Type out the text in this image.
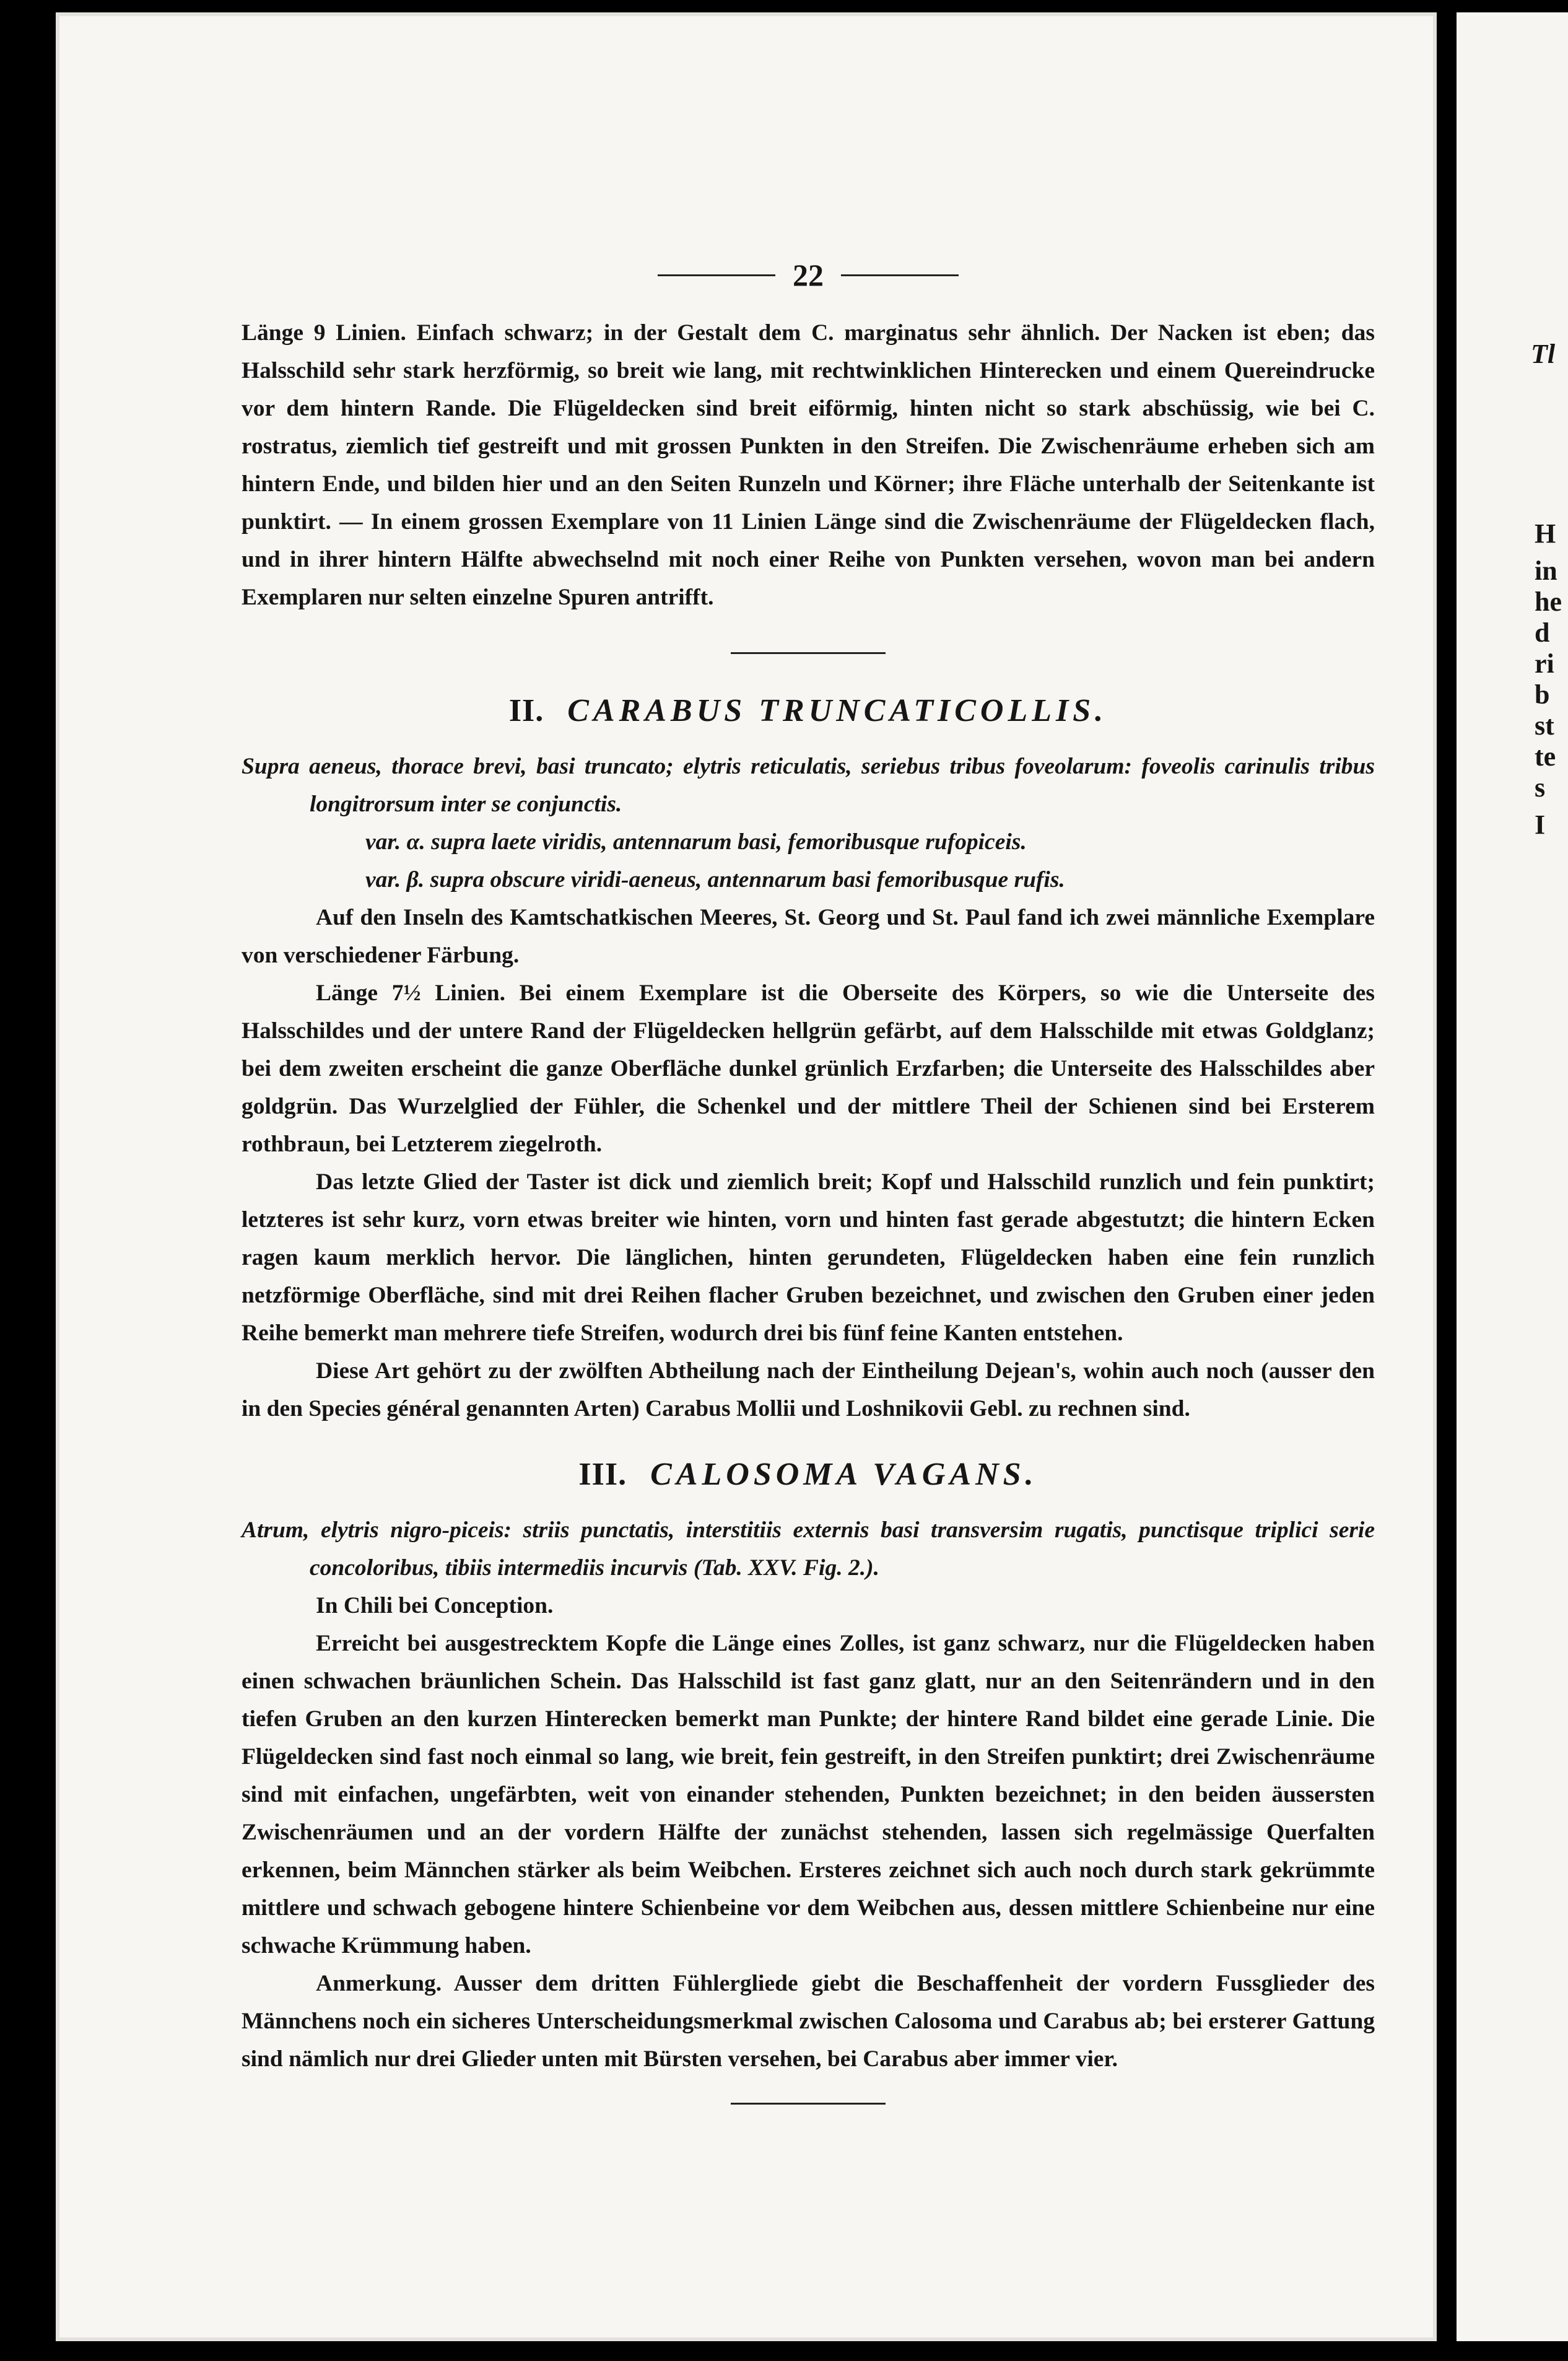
22

Länge 9 Linien. Einfach schwarz; in der Gestalt dem C. marginatus sehr ähnlich. Der Nacken ist eben; das Halsschild sehr stark herzförmig, so breit wie lang, mit rechtwinklichen Hinterecken und einem Quereindrucke vor dem hintern Rande. Die Flügeldecken sind breit eiförmig, hinten nicht so stark abschüssig, wie bei C. rostratus, ziemlich tief gestreift und mit grossen Punkten in den Streifen. Die Zwischenräume erheben sich am hintern Ende, und bilden hier und an den Seiten Runzeln und Körner; ihre Fläche unterhalb der Seitenkante ist punktirt. — In einem grossen Exemplare von 11 Linien Länge sind die Zwischenräume der Flügeldecken flach, und in ihrer hintern Hälfte abwechselnd mit noch einer Reihe von Punkten versehen, wovon man bei andern Exemplaren nur selten einzelne Spuren antrifft.

II. CARABUS TRUNCATICOLLIS.

Supra aeneus, thorace brevi, basi truncato; elytris reticulatis, seriebus tribus foveolarum: foveolis carinulis tribus longitrorsum inter se conjunctis.

var. α. supra laete viridis, antennarum basi, femoribusque rufopiceis.

var. β. supra obscure viridi-aeneus, antennarum basi femoribusque rufis.

Auf den Inseln des Kamtschatkischen Meeres, St. Georg und St. Paul fand ich zwei männliche Exemplare von verschiedener Färbung.

Länge 7½ Linien. Bei einem Exemplare ist die Oberseite des Körpers, so wie die Unterseite des Halsschildes und der untere Rand der Flügeldecken hellgrün gefärbt, auf dem Halsschilde mit etwas Goldglanz; bei dem zweiten erscheint die ganze Oberfläche dunkel grünlich Erzfarben; die Unterseite des Halsschildes aber goldgrün. Das Wurzelglied der Fühler, die Schenkel und der mittlere Theil der Schienen sind bei Ersterem rothbraun, bei Letzterem ziegelroth.

Das letzte Glied der Taster ist dick und ziemlich breit; Kopf und Halsschild runzlich und fein punktirt; letzteres ist sehr kurz, vorn etwas breiter wie hinten, vorn und hinten fast gerade abgestutzt; die hintern Ecken ragen kaum merklich hervor. Die länglichen, hinten gerundeten, Flügeldecken haben eine fein runzlich netzförmige Oberfläche, sind mit drei Reihen flacher Gruben bezeichnet, und zwischen den Gruben einer jeden Reihe bemerkt man mehrere tiefe Streifen, wodurch drei bis fünf feine Kanten entstehen.

Diese Art gehört zu der zwölften Abtheilung nach der Eintheilung Dejean's, wohin auch noch (ausser den in den Species général genannten Arten) Carabus Mollii und Loshnikovii Gebl. zu rechnen sind.

III. CALOSOMA VAGANS.

Atrum, elytris nigro-piceis: striis punctatis, interstitiis externis basi transversim rugatis, punctisque triplici serie concoloribus, tibiis intermediis incurvis (Tab. XXV. Fig. 2.).

In Chili bei Conception.

Erreicht bei ausgestrecktem Kopfe die Länge eines Zolles, ist ganz schwarz, nur die Flügeldecken haben einen schwachen bräunlichen Schein. Das Halsschild ist fast ganz glatt, nur an den Seitenrändern und in den tiefen Gruben an den kurzen Hinterecken bemerkt man Punkte; der hintere Rand bildet eine gerade Linie. Die Flügeldecken sind fast noch einmal so lang, wie breit, fein gestreift, in den Streifen punktirt; drei Zwischenräume sind mit einfachen, ungefärbten, weit von einander stehenden, Punkten bezeichnet; in den beiden äussersten Zwischenräumen und an der vordern Hälfte der zunächst stehenden, lassen sich regelmässige Querfalten erkennen, beim Männchen stärker als beim Weibchen. Ersteres zeichnet sich auch noch durch stark gekrümmte mittlere und schwach gebogene hintere Schienbeine vor dem Weibchen aus, dessen mittlere Schienbeine nur eine schwache Krümmung haben.

Anmerkung. Ausser dem dritten Fühlergliede giebt die Beschaffenheit der vordern Fussglieder des Männchens noch ein sicheres Unterscheidungsmerkmal zwischen Calosoma und Carabus ab; bei ersterer Gattung sind nämlich nur drei Glieder unten mit Bürsten versehen, bei Carabus aber immer vier.

Tl
H
in
he
d
ri
b
st
te
s
I
